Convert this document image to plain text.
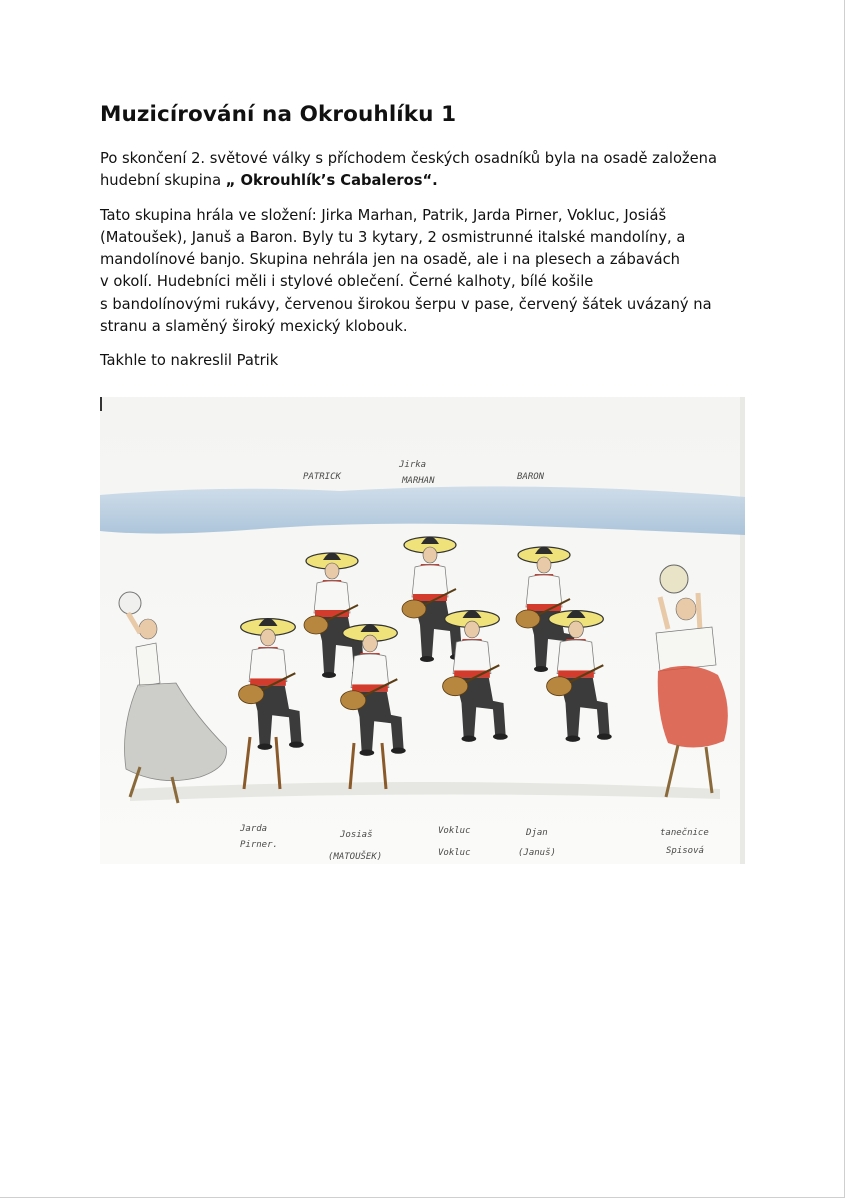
Muzicírování na Okrouhlíku 1

Po skončení 2. světové války s příchodem českých osadníků byla na osadě založena
hudební skupina „ Okrouhlík’s Cabaleros“.

Tato skupina hrála ve složení: Jirka Marhan, Patrik, Jarda Pirner, Vokluc, Josiáš
(Matoušek), Januš a Baron. Byly tu 3 kytary, 2 osmistrunné italské mandolíny, a
mandolínové banjo. Skupina nehrála jen na osadě, ale i na plesech a zábavách
v okolí. Hudebníci měli i stylové oblečení. Černé kalhoty, bílé košile
s bandolínovými rukávy, červenou širokou šerpu v pase, červený šátek uvázaný na
stranu a slaměný široký mexický klobouk.

Takhle to nakreslil Patrik

PATRICK
Jirka
MARHAN	BARON
Jarda
Pirner.
Josiaš
(MATOUŠEK)
Vokluc
Vokluc
Djan
(Januš)
tanečnice
Spisová
